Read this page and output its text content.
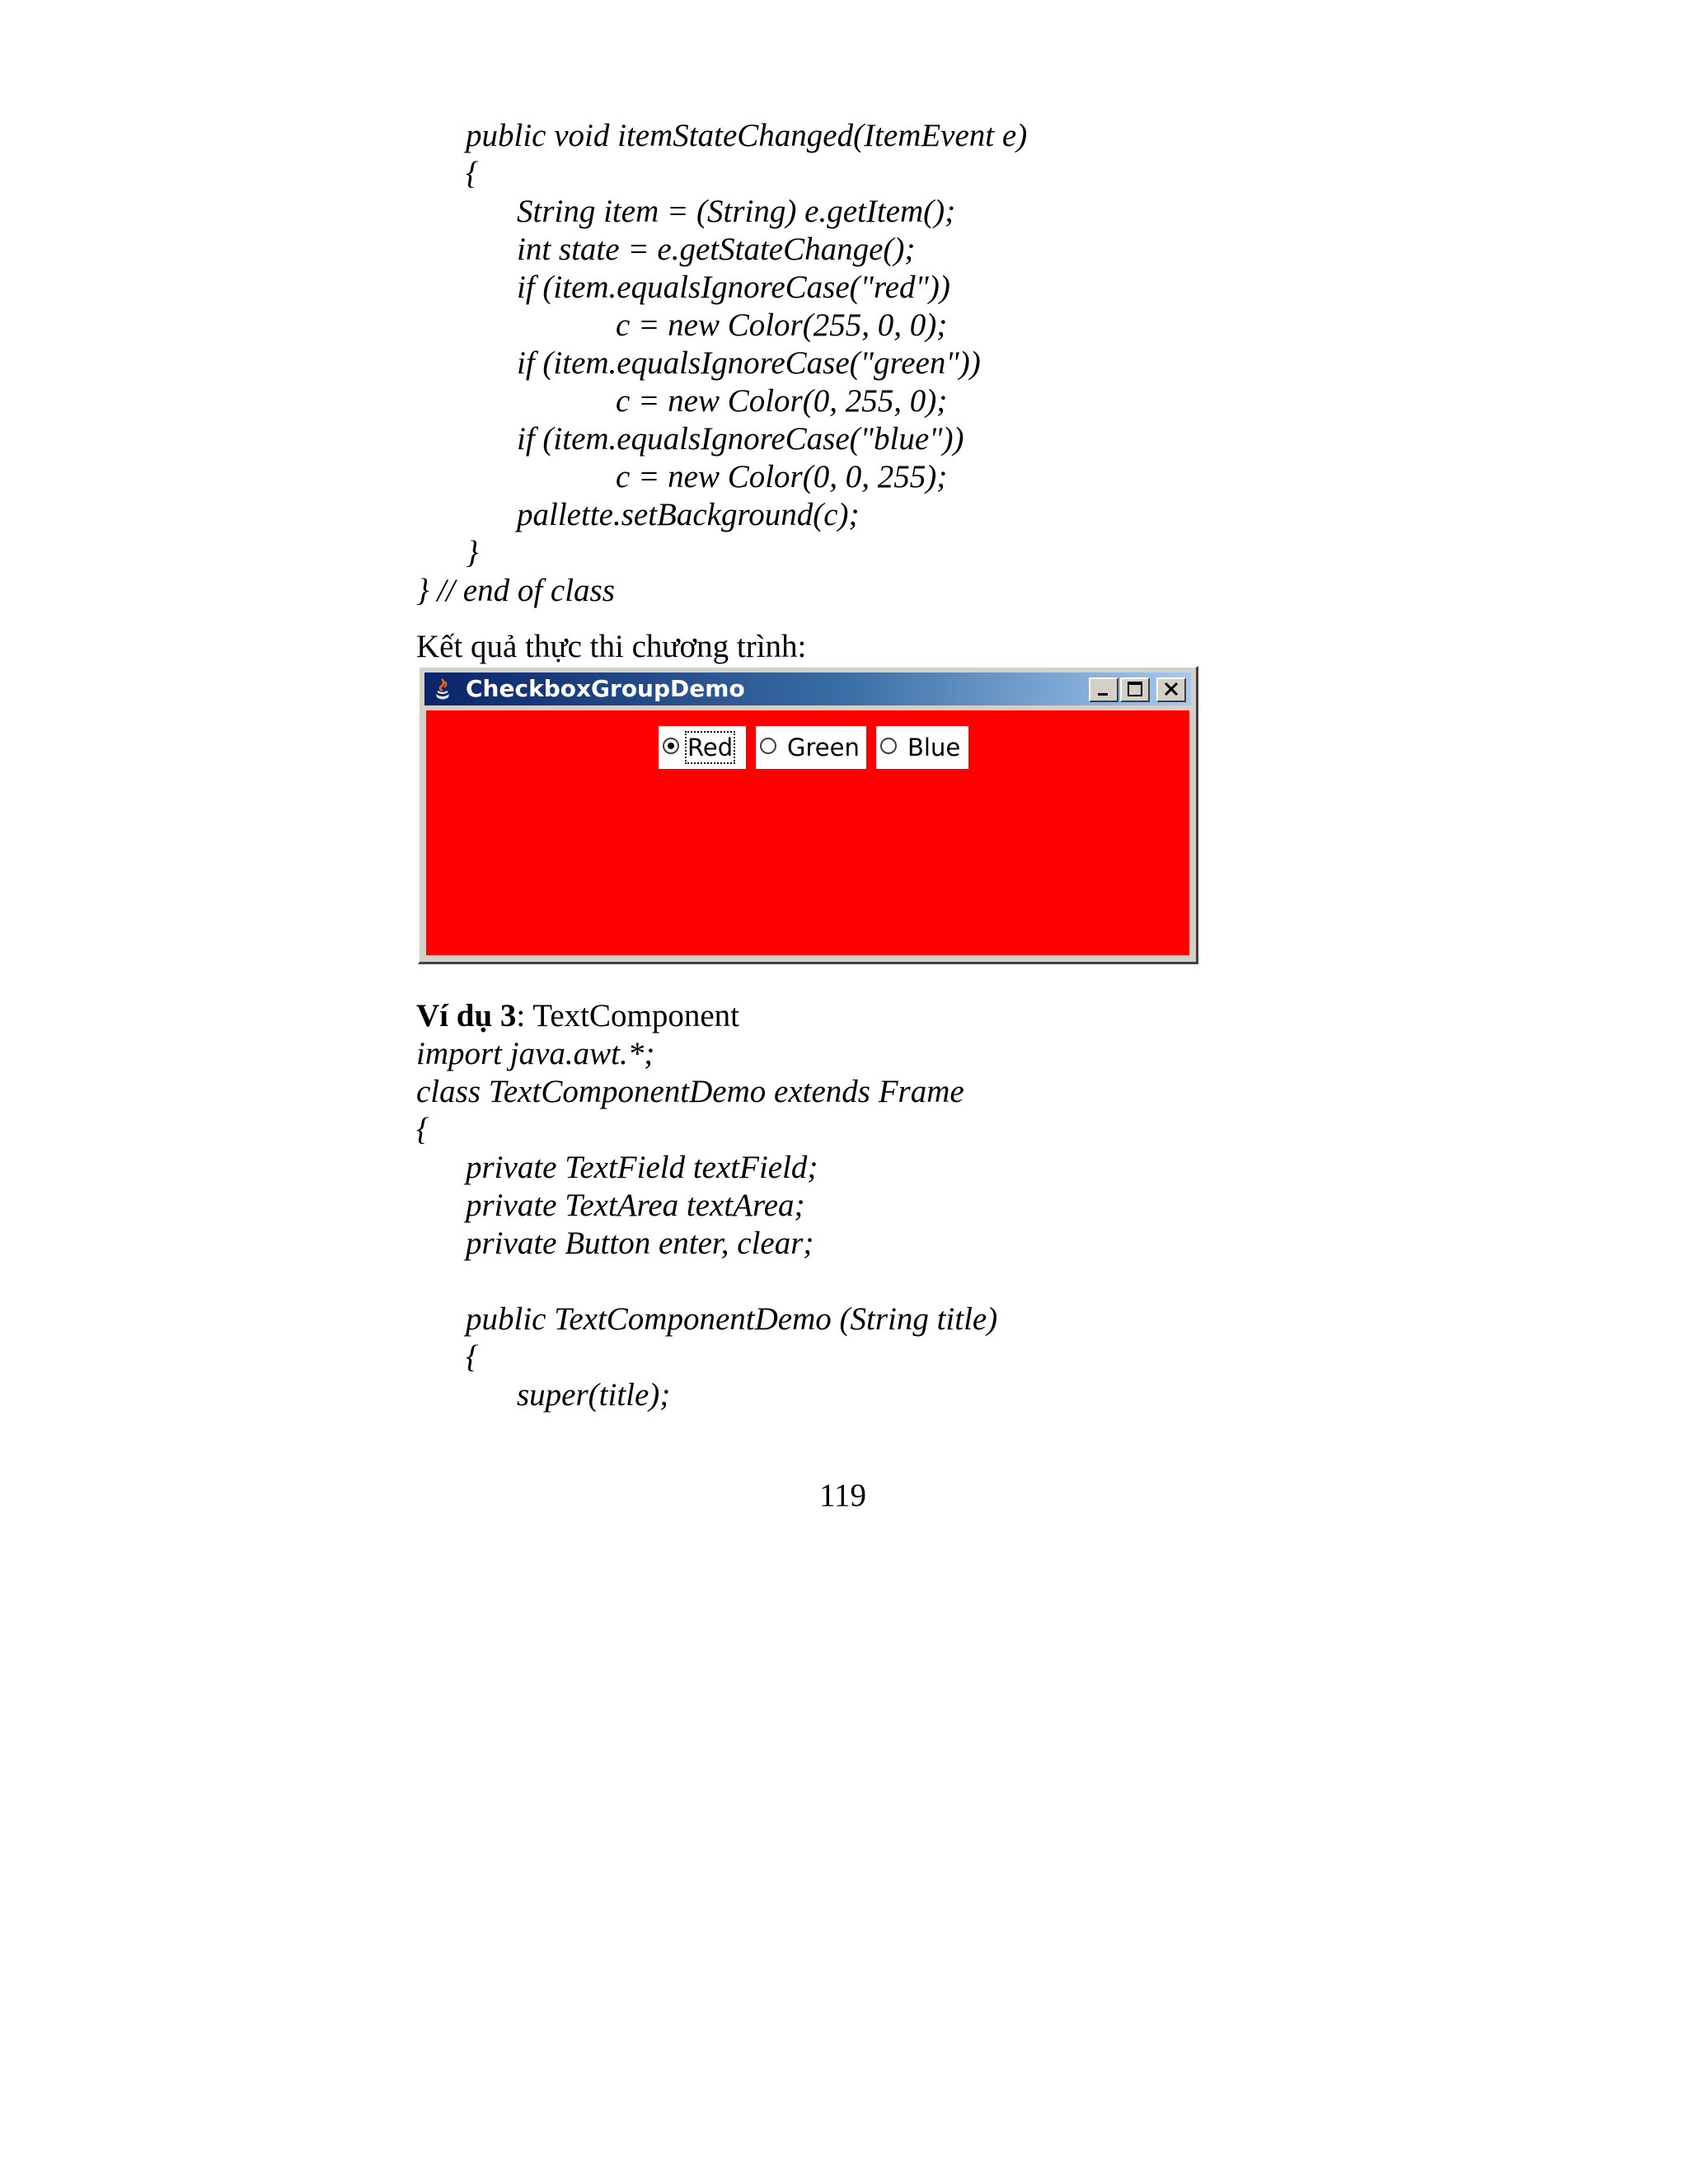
public void itemStateChanged(ItemEvent e)
{
String item = (String) e.getItem();
int state = e.getStateChange();
if (item.equalsIgnoreCase("red"))
c = new Color(255, 0, 0);
if (item.equalsIgnoreCase("green"))
c = new Color(0, 255, 0);
if (item.equalsIgnoreCase("blue"))
c = new Color(0, 0, 255);
pallette.setBackground(c);
}
} // end of class
Kết quả thực thi chương trình:
CheckboxGroupDemo
Red Green Blue
Ví dụ 3: TextComponent
import java.awt.*;
class TextComponentDemo extends Frame
{
private TextField textField;
private TextArea textArea;
private Button enter, clear;
public TextComponentDemo (String title)
{
super(title);
119
